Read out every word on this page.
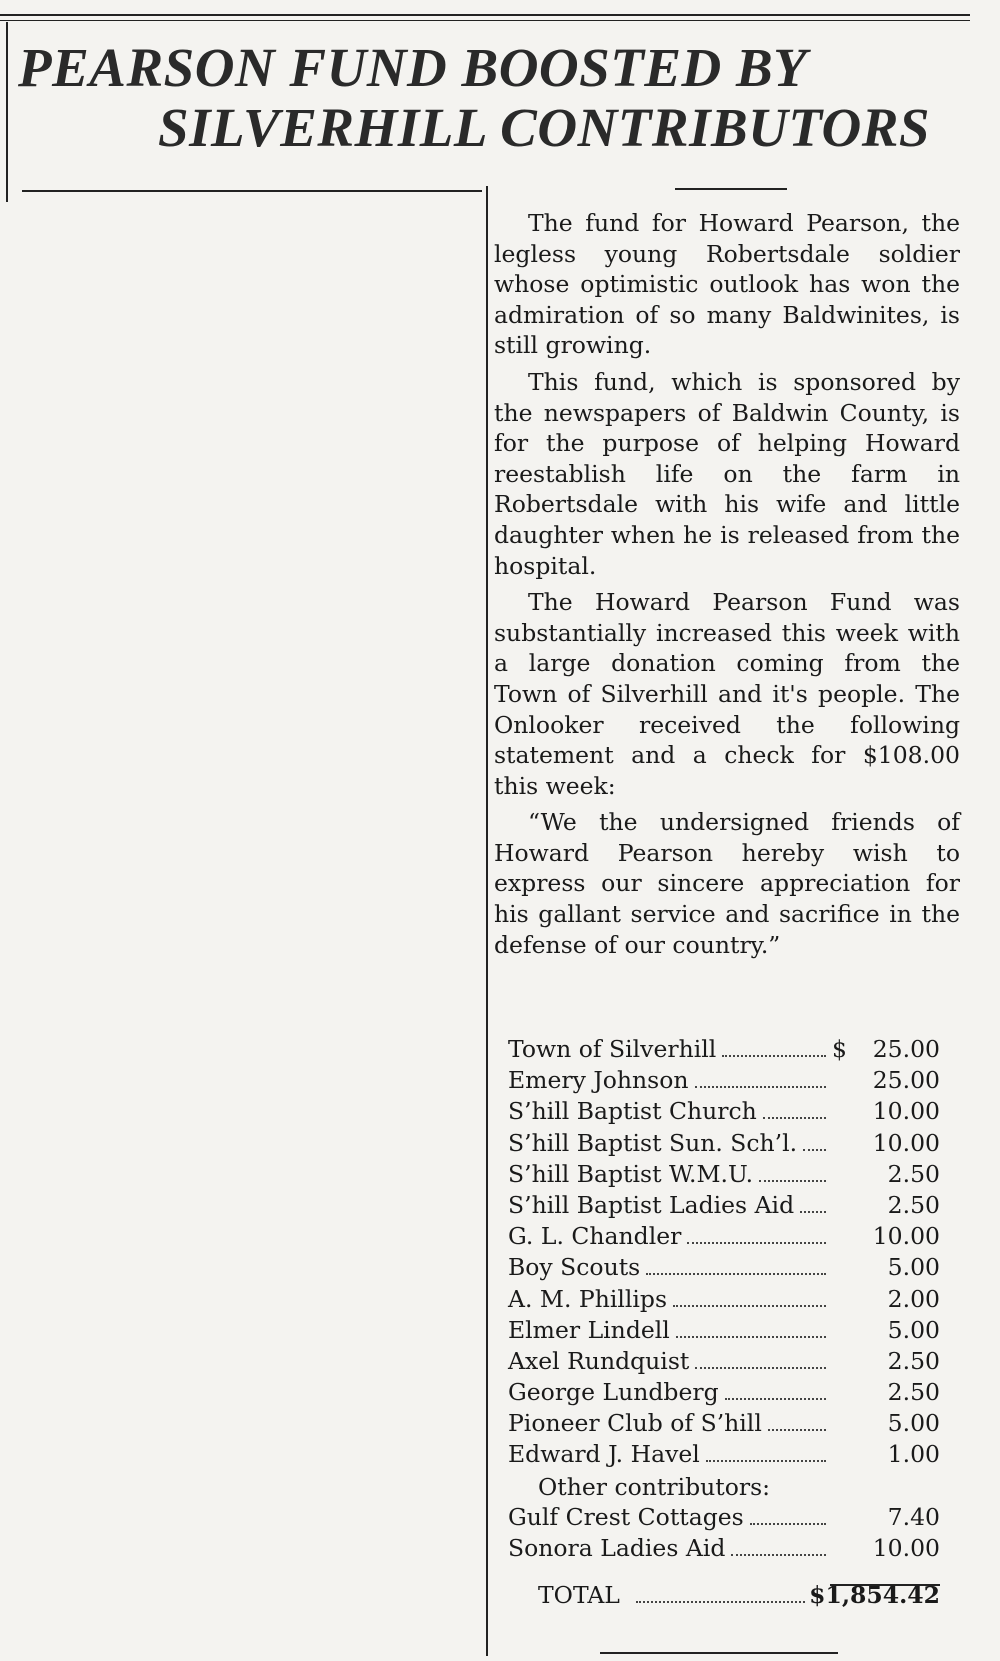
PEARSON FUND BOOSTED BY
SILVERHILL CONTRIBUTORS

The fund for Howard Pearson, the legless young Robertsdale soldier whose optimistic outlook has won the admiration of so many Baldwinites, is still growing.

This fund, which is sponsored by the newspapers of Baldwin County, is for the purpose of helping Howard reestablish life on the farm in Robertsdale with his wife and little daughter when he is released from the hospital.

The Howard Pearson Fund was substantially increased this week with a large donation coming from the Town of Silverhill and it's people. The Onlooker received the following statement and a check for $108.00 this week:

“We the undersigned friends of Howard Pearson hereby wish to express our sincere appreciation for his gallant service and sacrifice in the defense of our country.”

Town of Silverhill	$	25.00
Emery Johnson	25.00
S’hill Baptist Church	10.00
S’hill Baptist Sun. Sch’l.	10.00
S’hill Baptist W.M.U.	2.50
S’hill Baptist Ladies Aid	2.50
G. L. Chandler	10.00
Boy Scouts	5.00
A. M. Phillips	2.00
Elmer Lindell	5.00
Axel Rundquist	2.50
George Lundberg	2.50
Pioneer Club of S’hill	5.00
Edward J. Havel	1.00
Other contributors:
Gulf Crest Cottages	7.40
Sonora Ladies Aid	10.00
TOTAL	$1,854.42
